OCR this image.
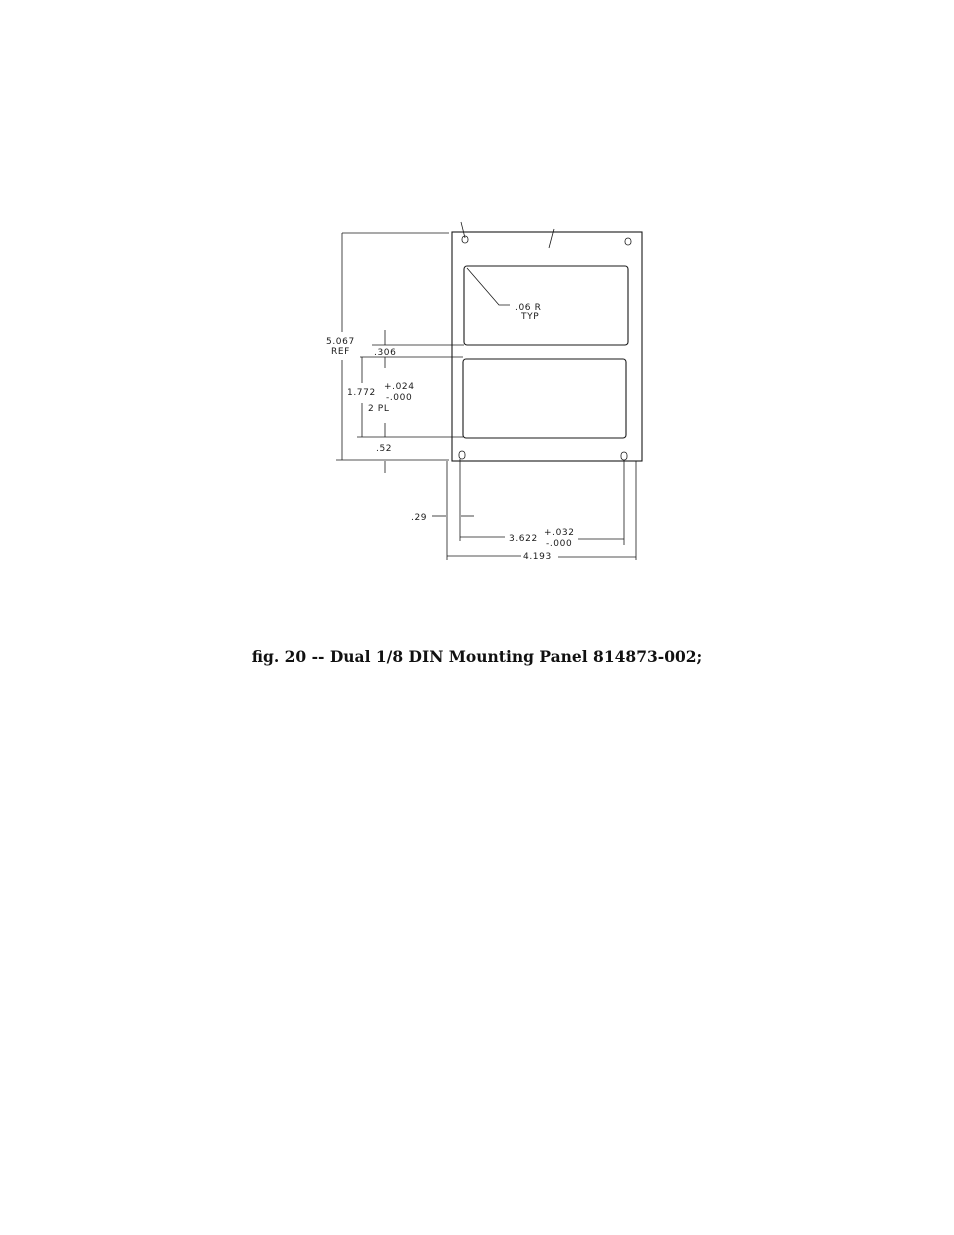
.06 R
TYP
5.067
REF	.306
1.772
+.024
-.000
2 PL
.52
.29
3.622
+.032
-.000
4.193
fig. 20 -- Dual 1/8 DIN Mounting Panel 814873-002;
